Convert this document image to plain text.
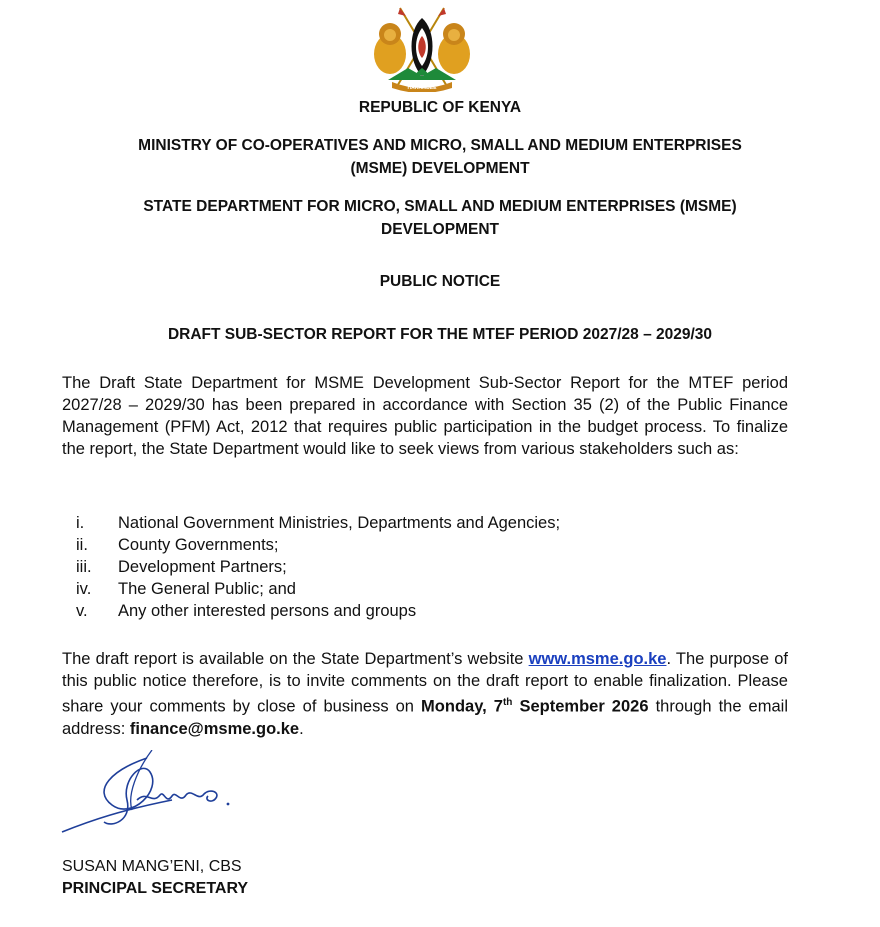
HARAMBEE

REPUBLIC OF KENYA

MINISTRY OF CO-OPERATIVES AND MICRO, SMALL AND MEDIUM ENTERPRISES

(MSME) DEVELOPMENT

STATE DEPARTMENT FOR MICRO, SMALL AND MEDIUM ENTERPRISES (MSME)

DEVELOPMENT

PUBLIC NOTICE

DRAFT SUB-SECTOR REPORT FOR THE MTEF PERIOD 2027/28 – 2029/30

The Draft State Department for MSME Development Sub-Sector Report for the MTEF period 2027/28 – 2029/30 has been prepared in accordance with Section 35 (2) of the Public Finance Management (PFM) Act, 2012 that requires public participation in the budget process. To finalize the report, the State Department would like to seek views from various stakeholders such as:

i.	National Government Ministries, Departments and Agencies;
ii.	County Governments;
iii.	Development Partners;
iv.	The General Public; and
v.	Any other interested persons and groups

The draft report is available on the State Department’s website www.msme.go.ke. The purpose of this public notice therefore, is to invite comments on the draft report to enable finalization. Please share your comments by close of business on Monday, 7th September 2026 through the email address: finance@msme.go.ke.

SUSAN MANG’ENI, CBS

PRINCIPAL SECRETARY
